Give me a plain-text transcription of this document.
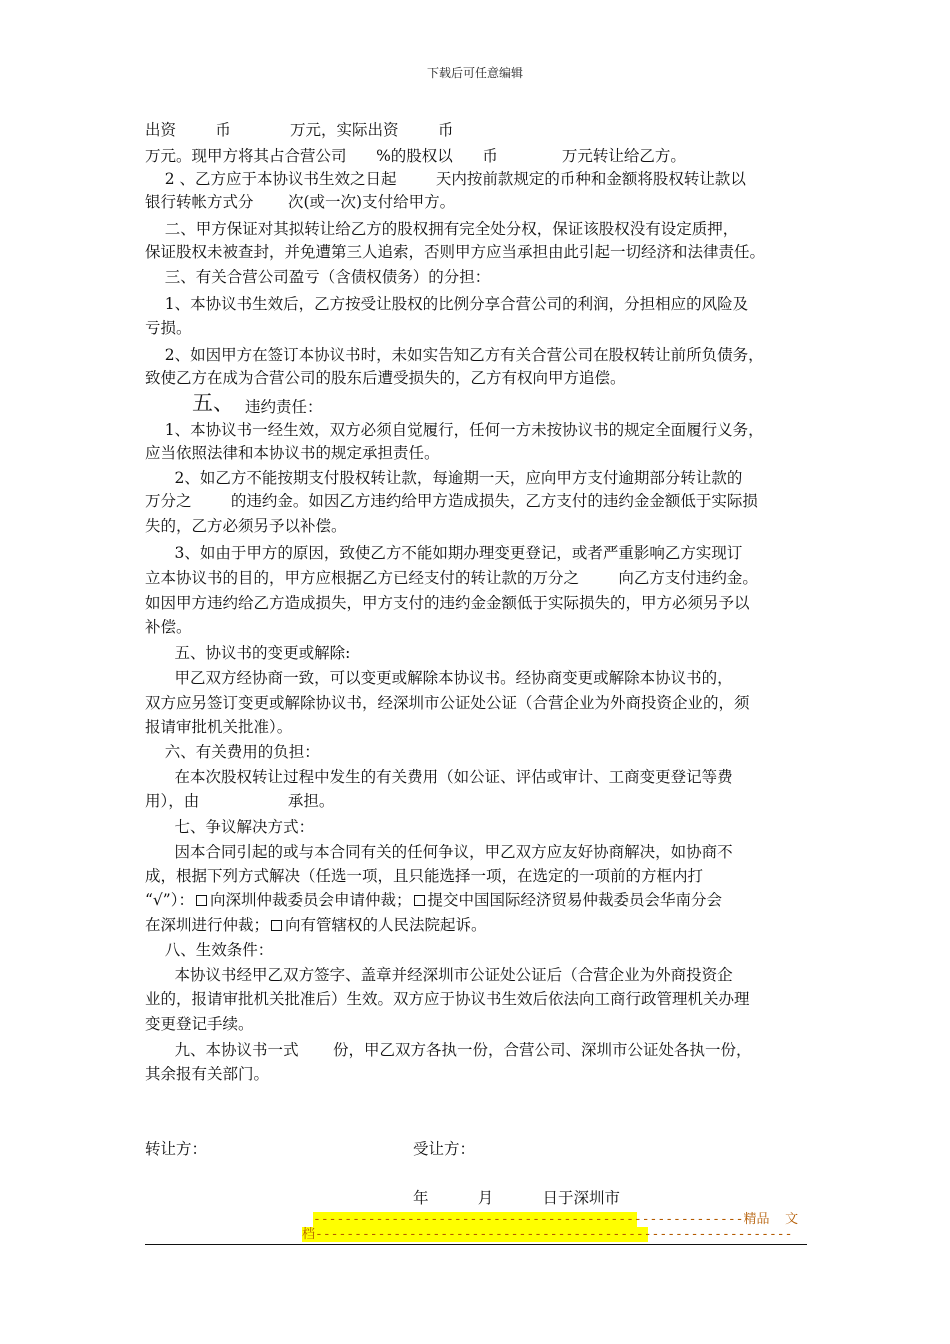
下载后可任意编辑
出资        币            万元，实际出资        币
万元。现甲方将其占合营公司      %的股权以      币             万元转让给乙方。
2 、乙方应于本协议书生效之日起        天内按前款规定的币种和金额将股权转让款以
银行转帐方式分       次(或一次)支付给甲方。
二、甲方保证对其拟转让给乙方的股权拥有完全处分权，保证该股权没有设定质押，
保证股权未被查封，并免遭第三人追索，否则甲方应当承担由此引起一切经济和法律责任。
三、有关合营公司盈亏（含债权债务）的分担：
1、本协议书生效后，乙方按受让股权的比例分享合营公司的利润，分担相应的风险及
亏损。
2、如因甲方在签订本协议书时，未如实告知乙方有关合营公司在股权转让前所负债务，
致使乙方在成为合营公司的股东后遭受损失的，乙方有权向甲方追偿。
五、 违约责任：
1、本协议书一经生效，双方必须自觉履行，任何一方未按协议书的规定全面履行义务，
应当依照法律和本协议书的规定承担责任。
2、如乙方不能按期支付股权转让款，每逾期一天，应向甲方支付逾期部分转让款的
万分之        的违约金。如因乙方违约给甲方造成损失，乙方支付的违约金金额低于实际损
失的，乙方必须另予以补偿。
3、如由于甲方的原因，致使乙方不能如期办理变更登记，或者严重影响乙方实现订
立本协议书的目的，甲方应根据乙方已经支付的转让款的万分之        向乙方支付违约金。
如因甲方违约给乙方造成损失，甲方支付的违约金金额低于实际损失的，甲方必须另予以
补偿。
五、协议书的变更或解除:
甲乙双方经协商一致，可以变更或解除本协议书。经协商变更或解除本协议书的，
双方应另签订变更或解除协议书，经深圳市公证处公证（合营企业为外商投资企业的，须
报请审批机关批准）。
六、有关费用的负担：
在本次股权转让过程中发生的有关费用（如公证、评估或审计、工商变更登记等费
用），由                  承担。
七、争议解决方式：
因本合同引起的或与本合同有关的任何争议，甲乙双方应友好协商解决，如协商不
成，根据下列方式解决（任选一项，且只能选择一项，在选定的一项前的方框内打
“√”）： 向深圳仲裁委员会申请仲裁； 提交中国国际经济贸易仲裁委员会华南分会
在深圳进行仲裁； 向有管辖权的人民法院起诉。
八、生效条件：
本协议书经甲乙双方签字、盖章并经深圳市公证处公证后（合营企业为外商投资企
业的，报请审批机关批准后）生效。双方应于协议书生效后依法向工商行政管理机关办理
变更登记手续。
九、本协议书一式       份，甲乙双方各执一份，合营公司、深圳市公证处各执一份，
其余报有关部门。
转让方：	受让方：
年          月          日于深圳市
-------------------------------------------------------精品  文
档-------------------------------------------------------------
